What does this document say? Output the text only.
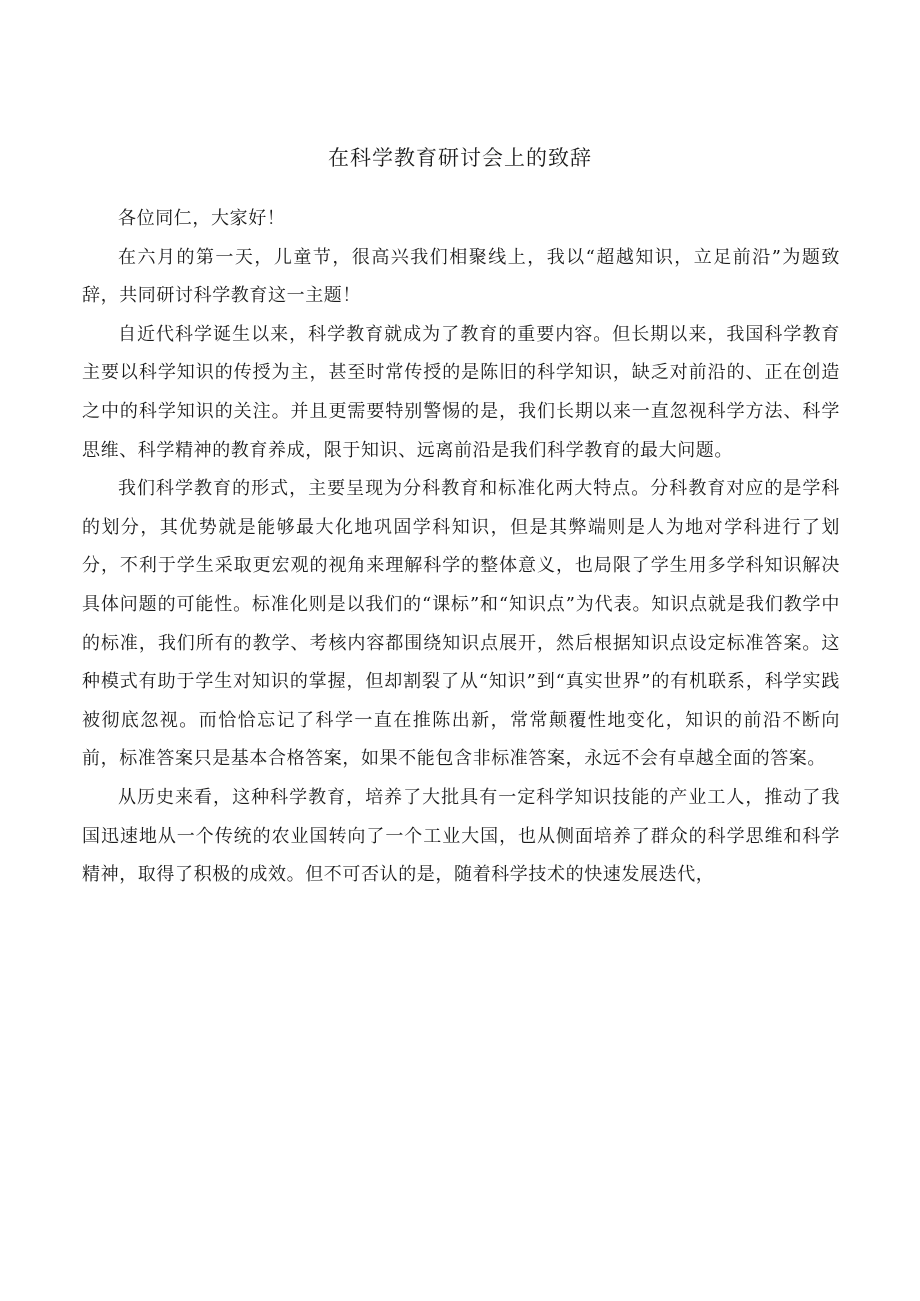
在科学教育研讨会上的致辞

各位同仁，大家好！

在六月的第一天，儿童节，很高兴我们相聚线上，我以“超越知识，立足前沿”为题致辞，共同研讨科学教育这一主题！

自近代科学诞生以来，科学教育就成为了教育的重要内容。但长期以来，我国科学教育主要以科学知识的传授为主，甚至时常传授的是陈旧的科学知识，缺乏对前沿的、正在创造之中的科学知识的关注。并且更需要特别警惕的是，我们长期以来一直忽视科学方法、科学思维、科学精神的教育养成，限于知识、远离前沿是我们科学教育的最大问题。

我们科学教育的形式，主要呈现为分科教育和标准化两大特点。分科教育对应的是学科的划分，其优势就是能够最大化地巩固学科知识，但是其弊端则是人为地对学科进行了划分，不利于学生采取更宏观的视角来理解科学的整体意义，也局限了学生用多学科知识解决具体问题的可能性。标准化则是以我们的“课标”和“知识点”为代表。知识点就是我们教学中的标准，我们所有的教学、考核内容都围绕知识点展开，然后根据知识点设定标准答案。这种模式有助于学生对知识的掌握，但却割裂了从“知识”到“真实世界”的有机联系，科学实践被彻底忽视。而恰恰忘记了科学一直在推陈出新，常常颠覆性地变化，知识的前沿不断向前，标准答案只是基本合格答案，如果不能包含非标准答案，永远不会有卓越全面的答案。

从历史来看，这种科学教育，培养了大批具有一定科学知识技能的产业工人，推动了我国迅速地从一个传统的农业国转向了一个工业大国，也从侧面培养了群众的科学思维和科学精神，取得了积极的成效。但不可否认的是，随着科学技术的快速发展迭代，
